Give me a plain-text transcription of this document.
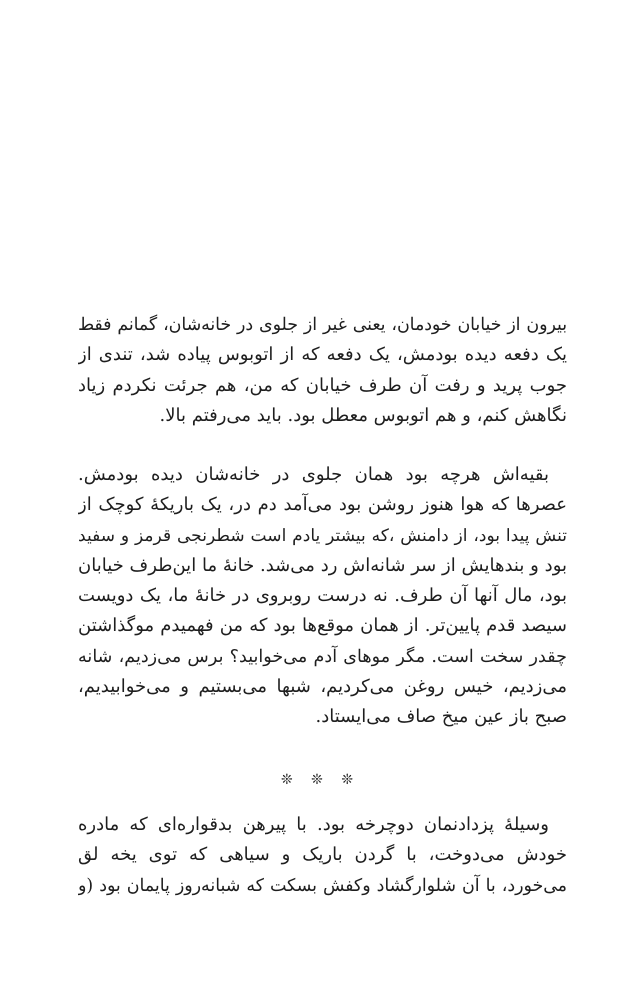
بیرون از خیابان خودمان، یعنی غیر از جلوی در خانه‌شان، گمانم فقط
یک دفعه دیده بودمش، یک دفعه که از اتوبوس پیاده شد، تندی از
جوب پرید و رفت آن طرف خیابان که من، هم جرئت نکردم زیاد
نگاهش کنم، و هم اتوبوس معطل بود. باید می‌رفتم بالا.
بقیه‌اش هرچه بود همان جلوی در خانه‌شان دیده بودمش.
عصرها که هوا هنوز روشن بود می‌آمد دم در، یک باریکهٔ کوچک از
تنش پیدا بود، از دامنش ،که بیشتر یادم است شطرنجی قرمز و سفید
بود و بندهایش از سر شانه‌اش رد می‌شد. خانهٔ ما این‌طرف خیابان
بود، مال آنها آن طرف. نه درست روبروی در خانهٔ ما، یک دویست
سیصد قدم پایین‌تر. از همان موقع‌ها بود که من فهمیدم موگذاشتن
چقدر سخت است. مگر موهای آدم می‌خوابید؟ برس می‌زدیم، شانه
می‌زدیم، خیس روغن می‌کردیم، شبها می‌بستیم و می‌خوابیدیم،
صبح باز عین میخ صاف می‌ایستاد.
❊ ❊ ❊
وسیلهٔ پزدادنمان دوچرخه بود. با پیرهن بدقواره‌ای که مادره
خودش می‌دوخت، با گردن باریک و سیاهی که توی یخه لق
می‌خورد، با آن شلوارگشاد وکفش بسکت که شبانه‌روز پایمان بود (و
